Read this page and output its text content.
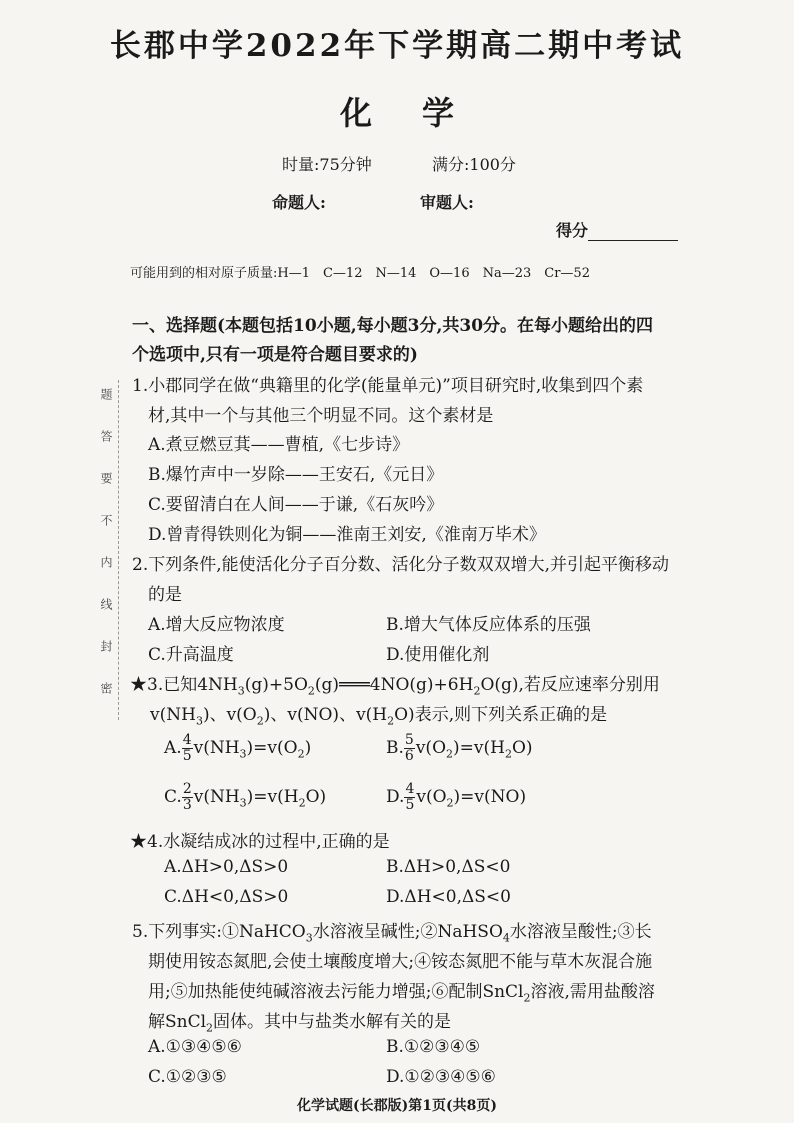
长郡中学2022年下学期高二期中考试
化学
时量:75分钟	满分:100分
命题人:	审题人:
得分
可能用到的相对原子质量:H—1　C—12　N—14　O—16　Na—23　Cr—52
题
答
要
不
内
线
封
密
一、选择题(本题包括10小题,每小题3分,共30分。在每小题给出的四
个选项中,只有一项是符合题目要求的)
1.小郡同学在做“典籍里的化学(能量单元)”项目研究时,收集到四个素
材,其中一个与其他三个明显不同。这个素材是
A.煮豆燃豆萁——曹植,《七步诗》
B.爆竹声中一岁除——王安石,《元日》
C.要留清白在人间——于谦,《石灰吟》
D.曾青得铁则化为铜——淮南王刘安,《淮南万毕术》
2.下列条件,能使活化分子百分数、活化分子数双双增大,并引起平衡移动
的是
A.增大反应物浓度	B.增大气体反应体系的压强
C.升高温度	D.使用催化剂
★3.已知$4NH_3(g)+5O_2(g)═══4NO(g)+6H_2O(g)$,若反应速率分别用
$v(NH_3)$、$v(O_2)$、v(NO)、$v(H_2O)$表示,则下列关系正确的是
A. $\frac{4}{5} v(NH_3)=v(O_2)$	B. $\frac{5}{6} v(O_2)=v(H_2O)$
C. $\frac{2}{3} v(NH_3)=v(H_2O)$	D. $\frac{4}{5} v(O_2)=v(NO)$
★4.水凝结成冰的过程中,正确的是
A.ΔH>0,ΔS>0	B.ΔH>0,ΔS<0
C.ΔH<0,ΔS>0	D.ΔH<0,ΔS<0
5.下列事实:①NaHCO$_3$水溶液呈碱性;②NaHSO$_4$水溶液呈酸性;③长
期使用铵态氮肥,会使土壤酸度增大;④铵态氮肥不能与草木灰混合施
用;⑤加热能使纯碱溶液去污能力增强;⑥配制SnCl$_2$溶液,需用盐酸溶
解SnCl$_2$固体。其中与盐类水解有关的是
A.①③④⑤⑥	B.①②③④⑤
C.①②③⑤	D.①②③④⑤⑥
化学试题(长郡版)第1页(共8页)
